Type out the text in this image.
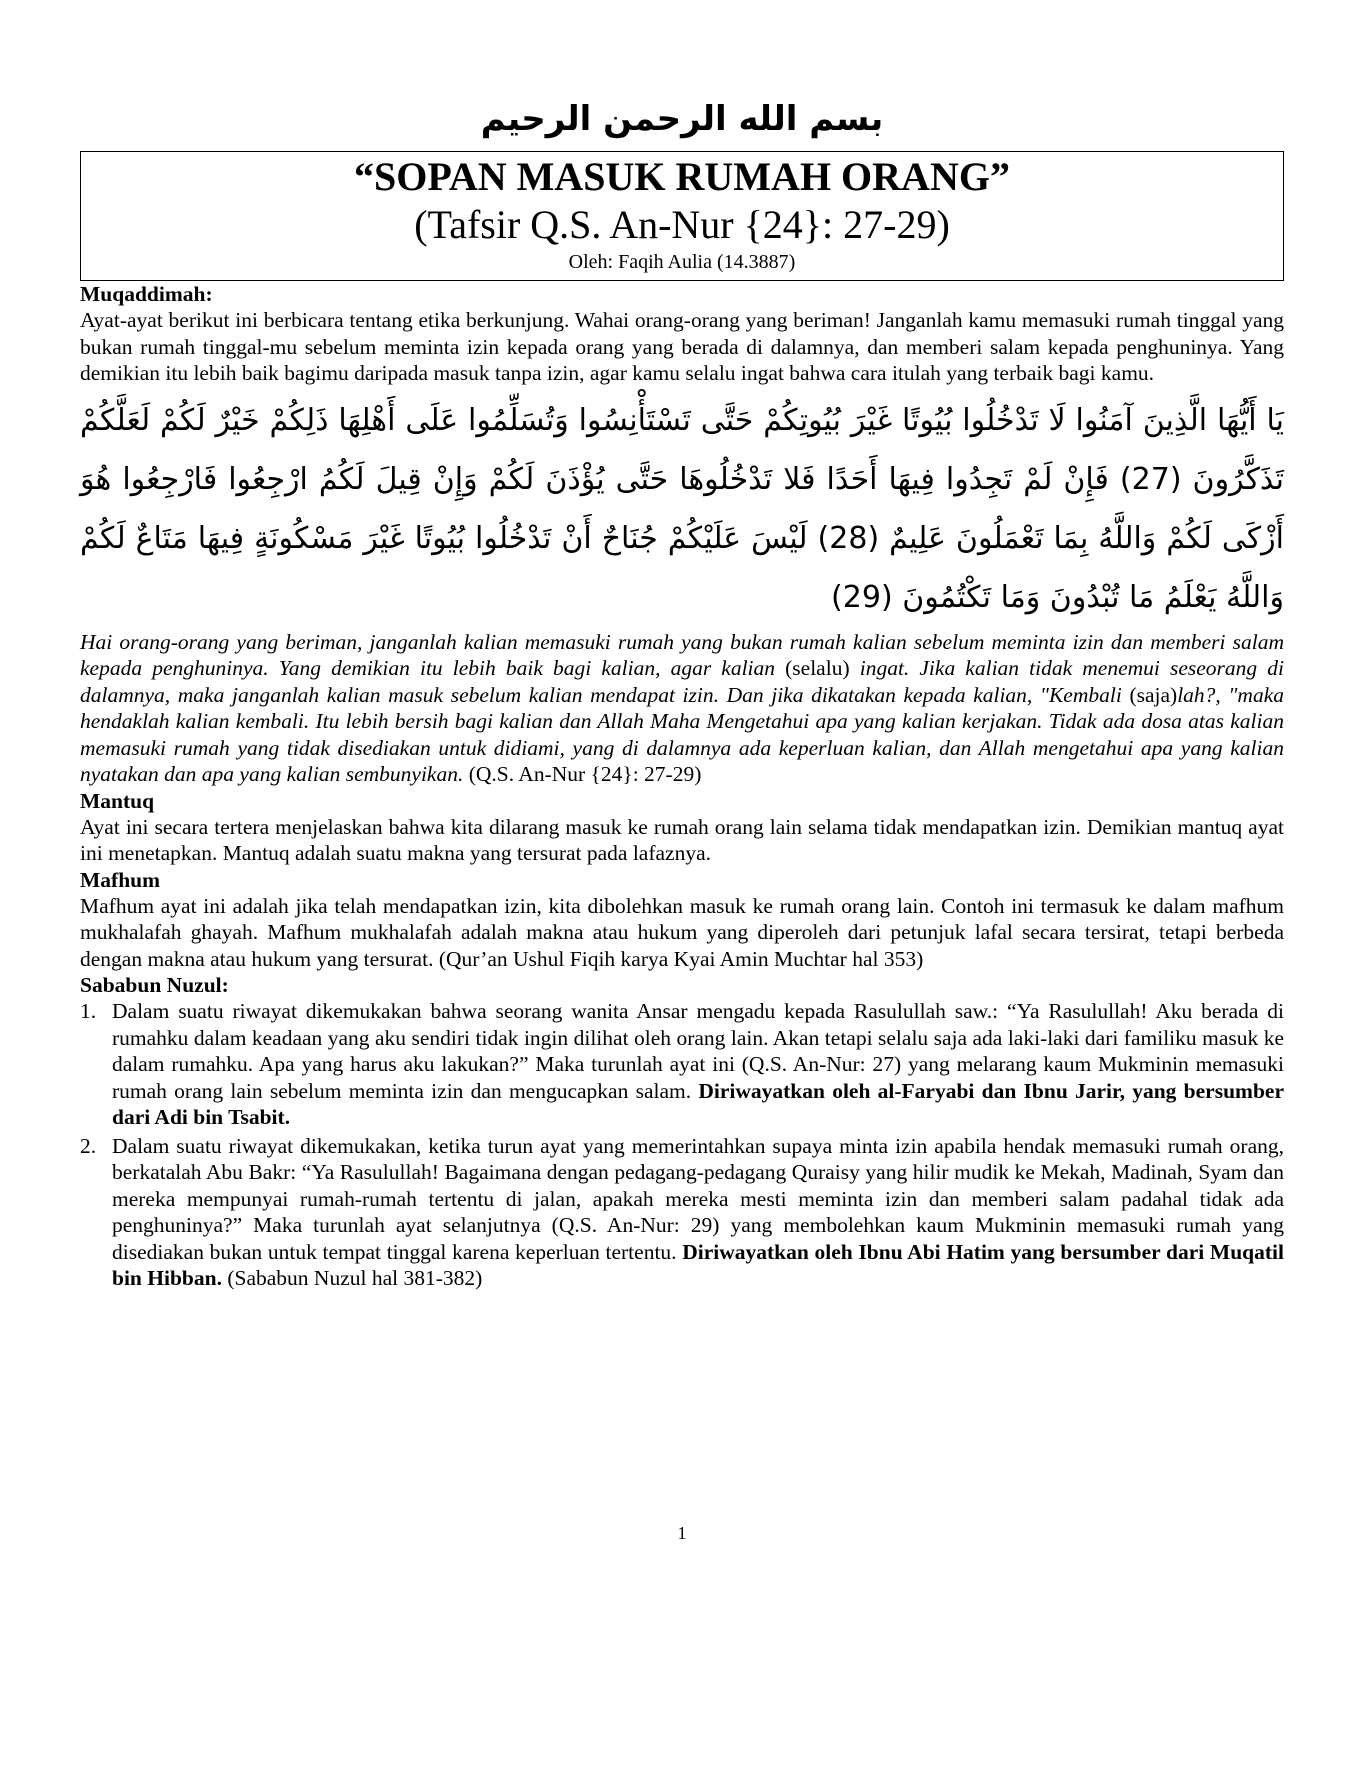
بسم الله الرحمن الرحيم

“SOPAN MASUK RUMAH ORANG”

(Tafsir Q.S. An-Nur {24}: 27-29)

Oleh: Faqih Aulia (14.3887)

Muqaddimah:

Ayat-ayat berikut ini berbicara tentang etika berkunjung. Wahai orang-orang yang beriman! Janganlah kamu memasuki rumah tinggal yang bukan rumah tinggal-mu sebelum meminta izin kepada orang yang berada di dalamnya, dan memberi salam kepada penghuninya. Yang demikian itu lebih baik bagimu daripada masuk tanpa izin, agar kamu selalu ingat bahwa cara itulah yang terbaik bagi kamu.

يَا أَيُّهَا الَّذِينَ آمَنُوا لَا تَدْخُلُوا بُيُوتًا غَيْرَ بُيُوتِكُمْ حَتَّى تَسْتَأْنِسُوا وَتُسَلِّمُوا عَلَى أَهْلِهَا ذَلِكُمْ خَيْرٌ لَكُمْ لَعَلَّكُمْ تَذَكَّرُونَ (27) فَإِنْ لَمْ تَجِدُوا فِيهَا أَحَدًا فَلا تَدْخُلُوهَا حَتَّى يُؤْذَنَ لَكُمْ وَإِنْ قِيلَ لَكُمُ ارْجِعُوا فَارْجِعُوا هُوَ أَزْكَى لَكُمْ وَاللَّهُ بِمَا تَعْمَلُونَ عَلِيمٌ (28) لَيْسَ عَلَيْكُمْ جُنَاحٌ أَنْ تَدْخُلُوا بُيُوتًا غَيْرَ مَسْكُونَةٍ فِيهَا مَتَاعٌ لَكُمْ وَاللَّهُ يَعْلَمُ مَا تُبْدُونَ وَمَا تَكْتُمُونَ (29)

Hai orang-orang yang beriman, janganlah kalian memasuki rumah yang bukan rumah kalian sebelum meminta izin dan memberi salam kepada penghuninya. Yang demikian itu lebih baik bagi kalian, agar kalian (selalu) ingat. Jika kalian tidak menemui seseorang di dalamnya, maka janganlah kalian masuk sebelum kalian mendapat izin. Dan jika dikatakan kepada kalian, "Kembali (saja)lah?, "maka hendaklah kalian kembali. Itu lebih bersih bagi kalian dan Allah Maha Mengetahui apa yang kalian kerjakan. Tidak ada dosa atas kalian memasuki rumah yang tidak disediakan untuk didiami, yang di dalamnya ada keperluan kalian, dan Allah mengetahui apa yang kalian nyatakan dan apa yang kalian sembunyikan. (Q.S. An-Nur {24}: 27-29)

Mantuq

Ayat ini secara tertera menjelaskan bahwa kita dilarang masuk ke rumah orang lain selama tidak mendapatkan izin. Demikian mantuq ayat ini menetapkan. Mantuq adalah suatu makna yang tersurat pada lafaznya.

Mafhum

Mafhum ayat ini adalah jika telah mendapatkan izin, kita dibolehkan masuk ke rumah orang lain. Contoh ini termasuk ke dalam mafhum mukhalafah ghayah. Mafhum mukhalafah adalah makna atau hukum yang diperoleh dari petunjuk lafal secara tersirat, tetapi berbeda dengan makna atau hukum yang tersurat. (Qur’an Ushul Fiqih karya Kyai Amin Muchtar hal 353)

Sababun Nuzul:

1. Dalam suatu riwayat dikemukakan bahwa seorang wanita Ansar mengadu kepada Rasulullah saw.: “Ya Rasulullah! Aku berada di rumahku dalam keadaan yang aku sendiri tidak ingin dilihat oleh orang lain. Akan tetapi selalu saja ada laki-laki dari familiku masuk ke dalam rumahku. Apa yang harus aku lakukan?” Maka turunlah ayat ini (Q.S. An-Nur: 27) yang melarang kaum Mukminin memasuki rumah orang lain sebelum meminta izin dan mengucapkan salam. Diriwayatkan oleh al-Faryabi dan Ibnu Jarir, yang bersumber dari Adi bin Tsabit.
2. Dalam suatu riwayat dikemukakan, ketika turun ayat yang memerintahkan supaya minta izin apabila hendak memasuki rumah orang, berkatalah Abu Bakr: “Ya Rasulullah! Bagaimana dengan pedagang-pedagang Quraisy yang hilir mudik ke Mekah, Madinah, Syam dan mereka mempunyai rumah-rumah tertentu di jalan, apakah mereka mesti meminta izin dan memberi salam padahal tidak ada penghuninya?” Maka turunlah ayat selanjutnya (Q.S. An-Nur: 29) yang membolehkan kaum Mukminin memasuki rumah yang disediakan bukan untuk tempat tinggal karena keperluan tertentu. Diriwayatkan oleh Ibnu Abi Hatim yang bersumber dari Muqatil bin Hibban. (Sababun Nuzul hal 381-382)
1
